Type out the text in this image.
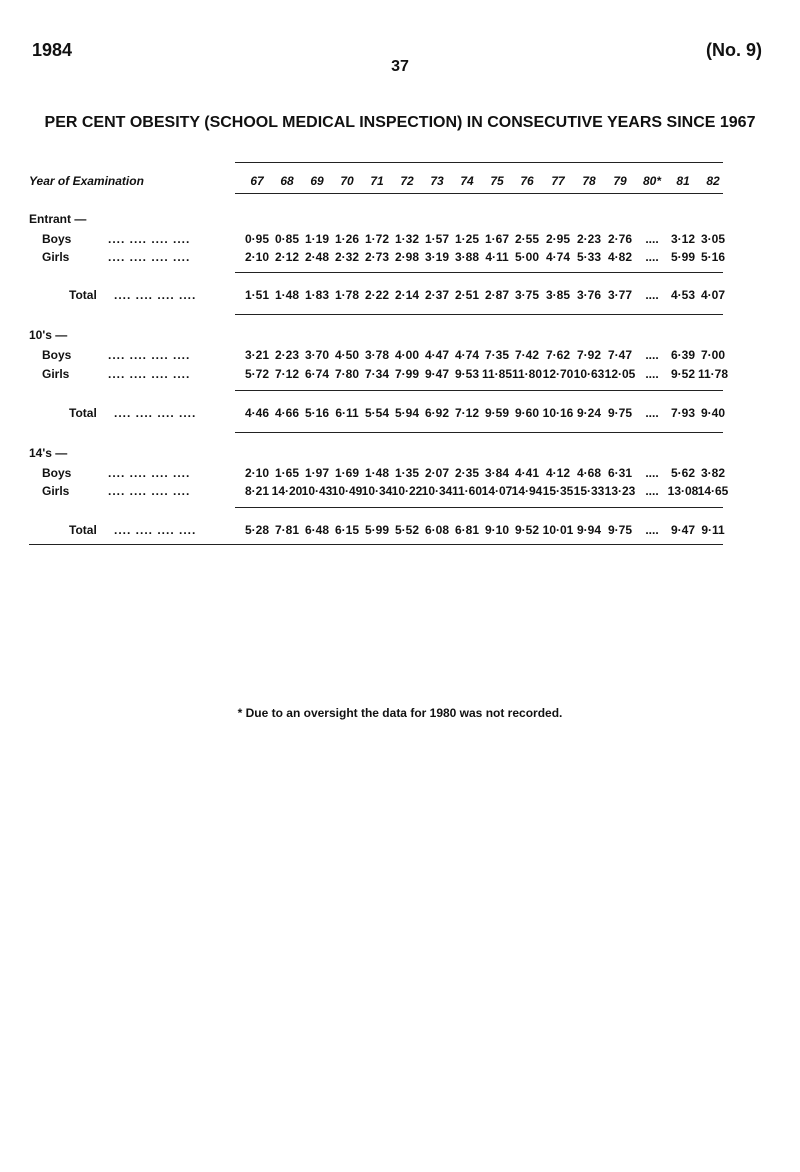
1984	(No. 9)
37
PER CENT OBESITY (SCHOOL MEDICAL INSPECTION) IN CONSECUTIVE YEARS SINCE 1967
Year of Examination	67	68	69	70	71	72	73	74	75	76	77	78	79	80*	81	82
Entrant —
Boys	.... .... .... ....	0·95 0·85 1·19 1·26 1·72 1·32 1·57 1·25 1·67 2·55 2·95 2·23 2·76	....	3·12 3·05
Girls	.... .... .... ....	2·10 2·12 2·48 2·32 2·73 2·98 3·19 3·88 4·11 5·00 4·74 5·33 4·82	....	5·99 5·16
Total .... .... .... ....	1·51 1·48 1·83 1·78 2·22 2·14 2·37 2·51 2·87 3·75 3·85 3·76 3·77	....	4·53 4·07
10's —
Boys	.... .... .... ....	3·21 2·23 3·70 4·50 3·78 4·00 4·47 4·74 7·35 7·42 7·62 7·92 7·47	....	6·39 7·00
Girls	.... .... .... ....	5·72 7·12 6·74 7·80 7·34 7·99 9·47 9·53 11·85 11·80 12·70 10·63 12·05 ....	9·52 11·78
Total .... .... .... ....	4·46 4·66 5·16 6·11 5·54 5·94 6·92 7·12 9·59 9·60 10·16 9·24 9·75	....	7·93 9·40
14's —
Boys	.... .... .... ....	2·10 1·65 1·97 1·69 1·48 1·35 2·07 2·35 3·84 4·41 4·12 4·68 6·31	....	5·62 3·82
Girls	.... .... .... ....	8·21 14·20 10·43 10·49 10·34 10·22 10·34 11·60 14·07 14·94 15·35 15·33 13·23 .... 13·08 14·65
Total .... .... .... ....	5·28 7·81 6·48 6·15 5·99 5·52 6·08 6·81 9·10 9·52 10·01 9·94 9·75	....	9·47 9·11
* Due to an oversight the data for 1980 was not recorded.
